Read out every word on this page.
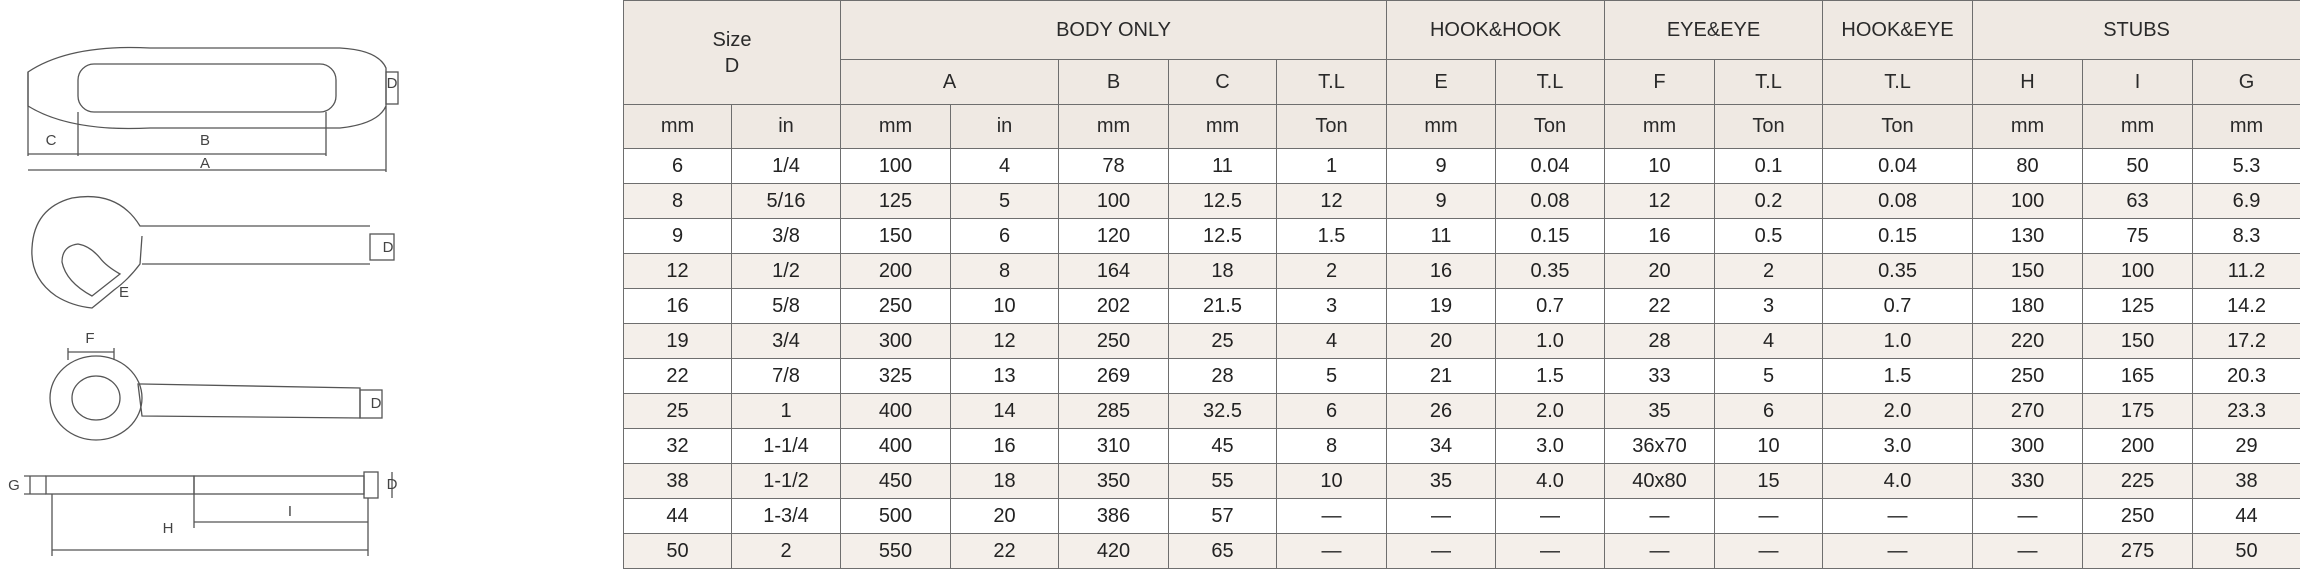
C	B
A
D
E
D
F
D
G
I
H
D
Size
D		BODY ONLY					HOOK&HOOK		EYE&EYE		HOOK&EYE	STUBS		
		A		B	C	T.L	E	T.L	F	T.L	T.L	H	I	G
mm	in	mm	in	mm	mm	Ton	mm	Ton	mm	Ton	Ton	mm	mm	mm
6	1/4	100	4	78	11	1	9	0.04	10	0.1	0.04	80	50	5.3
8	5/16	125	5	100	12.5	12	9	0.08	12	0.2	0.08	100	63	6.9
9	3/8	150	6	120	12.5	1.5	11	0.15	16	0.5	0.15	130	75	8.3
12	1/2	200	8	164	18	2	16	0.35	20	2	0.35	150	100	11.2
16	5/8	250	10	202	21.5	3	19	0.7	22	3	0.7	180	125	14.2
19	3/4	300	12	250	25	4	20	1.0	28	4	1.0	220	150	17.2
22	7/8	325	13	269	28	5	21	1.5	33	5	1.5	250	165	20.3
25	1	400	14	285	32.5	6	26	2.0	35	6	2.0	270	175	23.3
32	1-1/4	400	16	310	45	8	34	3.0	36x70	10	3.0	300	200	29
38	1-1/2	450	18	350	55	10	35	4.0	40x80	15	4.0	330	225	38
44	1-3/4	500	20	386	57	—	—	—	—	—	—	—	250	44
50	2	550	22	420	65	—	—	—	—	—	—	—	275	50
